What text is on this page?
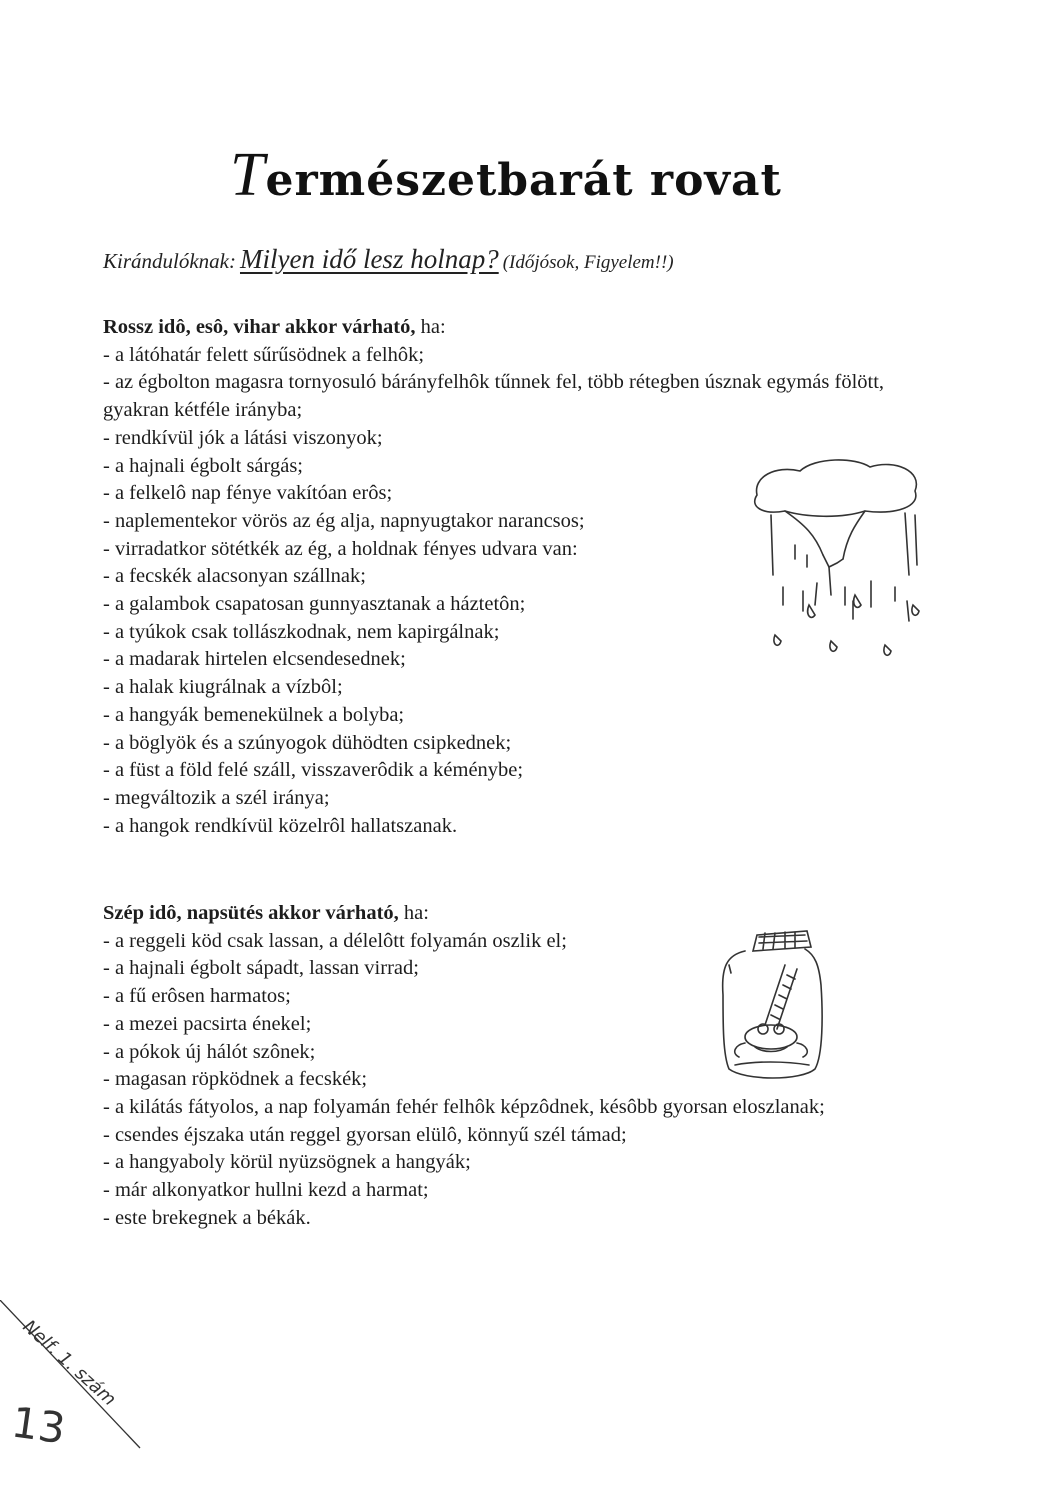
Természetbarát rovat
Kirándulóknak: Milyen idő lesz holnap? (Időjósok, Figyelem!!)
Rossz idô, esô, vihar akkor várható, ha:
- a látóhatár felett sűrűsödnek a felhôk;
- az égbolton magasra tornyosuló bárányfelhôk tűnnek fel, több rétegben úsznak egymás fölött, gyakran kétféle irányba;
- rendkívül jók a látási viszonyok;
- a hajnali égbolt sárgás;
- a felkelô nap fénye vakítóan erôs;
- naplementekor vörös az ég alja, napnyugtakor narancsos;
- virradatkor sötétkék az ég, a holdnak fényes udvara van:
- a fecskék alacsonyan szállnak;
- a galambok csapatosan gunnyasztanak a háztetôn;
- a tyúkok csak tollászkodnak, nem kapirgálnak;
- a madarak hirtelen elcsendesednek;
- a halak kiugrálnak a vízbôl;
- a hangyák bemenekülnek a bolyba;
- a böglyök és a szúnyogok dühödten csipkednek;
- a füst a föld felé száll, visszaverôdik a kéménybe;
- megváltozik a szél iránya;
- a hangok rendkívül közelrôl hallatszanak.
Szép idô, napsütés akkor várható, ha:
- a reggeli köd csak lassan, a délelôtt folyamán oszlik el;
- a hajnali égbolt sápadt, lassan virrad;
- a fű erôsen harmatos;
- a mezei pacsirta énekel;
- a pókok új hálót szônek;
- magasan röpködnek a fecskék;
- a kilátás fátyolos, a nap folyamán fehér felhôk képzôdnek, késôbb gyorsan eloszlanak;
- csendes éjszaka után reggel gyorsan elülô, könnyű szél támad;
- a hangyaboly körül nyüzsögnek a hangyák;
- már alkonyatkor hullni kezd a harmat;
- este brekegnek a békák.
Nelf. 1. szám
13
